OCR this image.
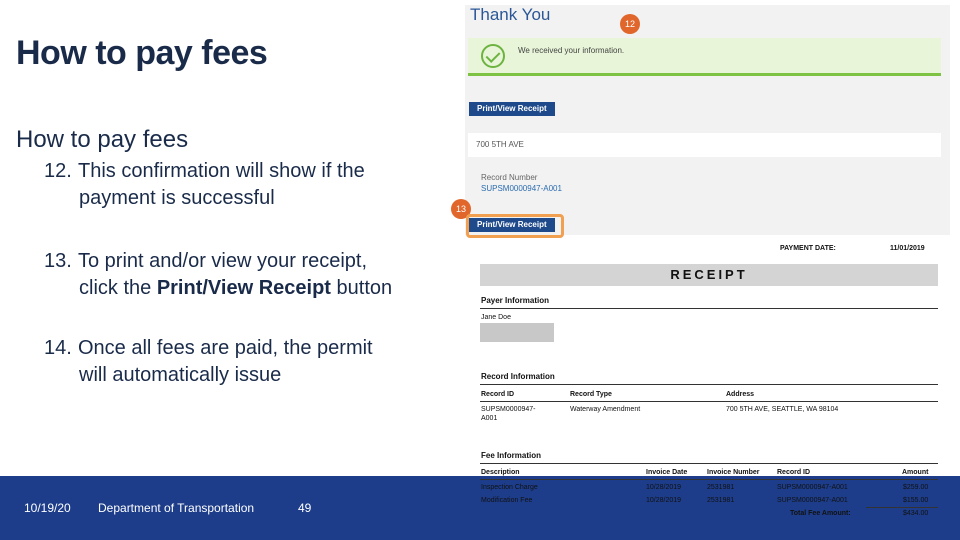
How to pay fees
How to pay fees
12. This confirmation will show if the
payment is successful
13. To print and/or view your receipt,
click the Print/View Receipt button
14. Once all fees are paid, the permit
will automatically issue
10/19/20 Department of Transportation	49
Thank You	12
We received your information.
Print/View Receipt
700 5TH AVE
Record Number
SUPSM0000947-A001
13
Print/View Receipt
PAYMENT DATE:	11/01/2019
RECEIPT
Payer Information
Jane Doe
Record Information
Record ID	Record Type	Address
SUPSM0000947-
A001
Waterway Amendment	700 5TH AVE, SEATTLE, WA 98104
Fee Information
Description	Invoice Date	Invoice Number Record ID	Amount
Inspection Charge	10/28/2019	2531981	SUPSM0000947-A001	$259.00
Modification Fee	10/28/2019	2531981	SUPSM0000947-A001	$155.00
Total Fee Amount:	$434.00
